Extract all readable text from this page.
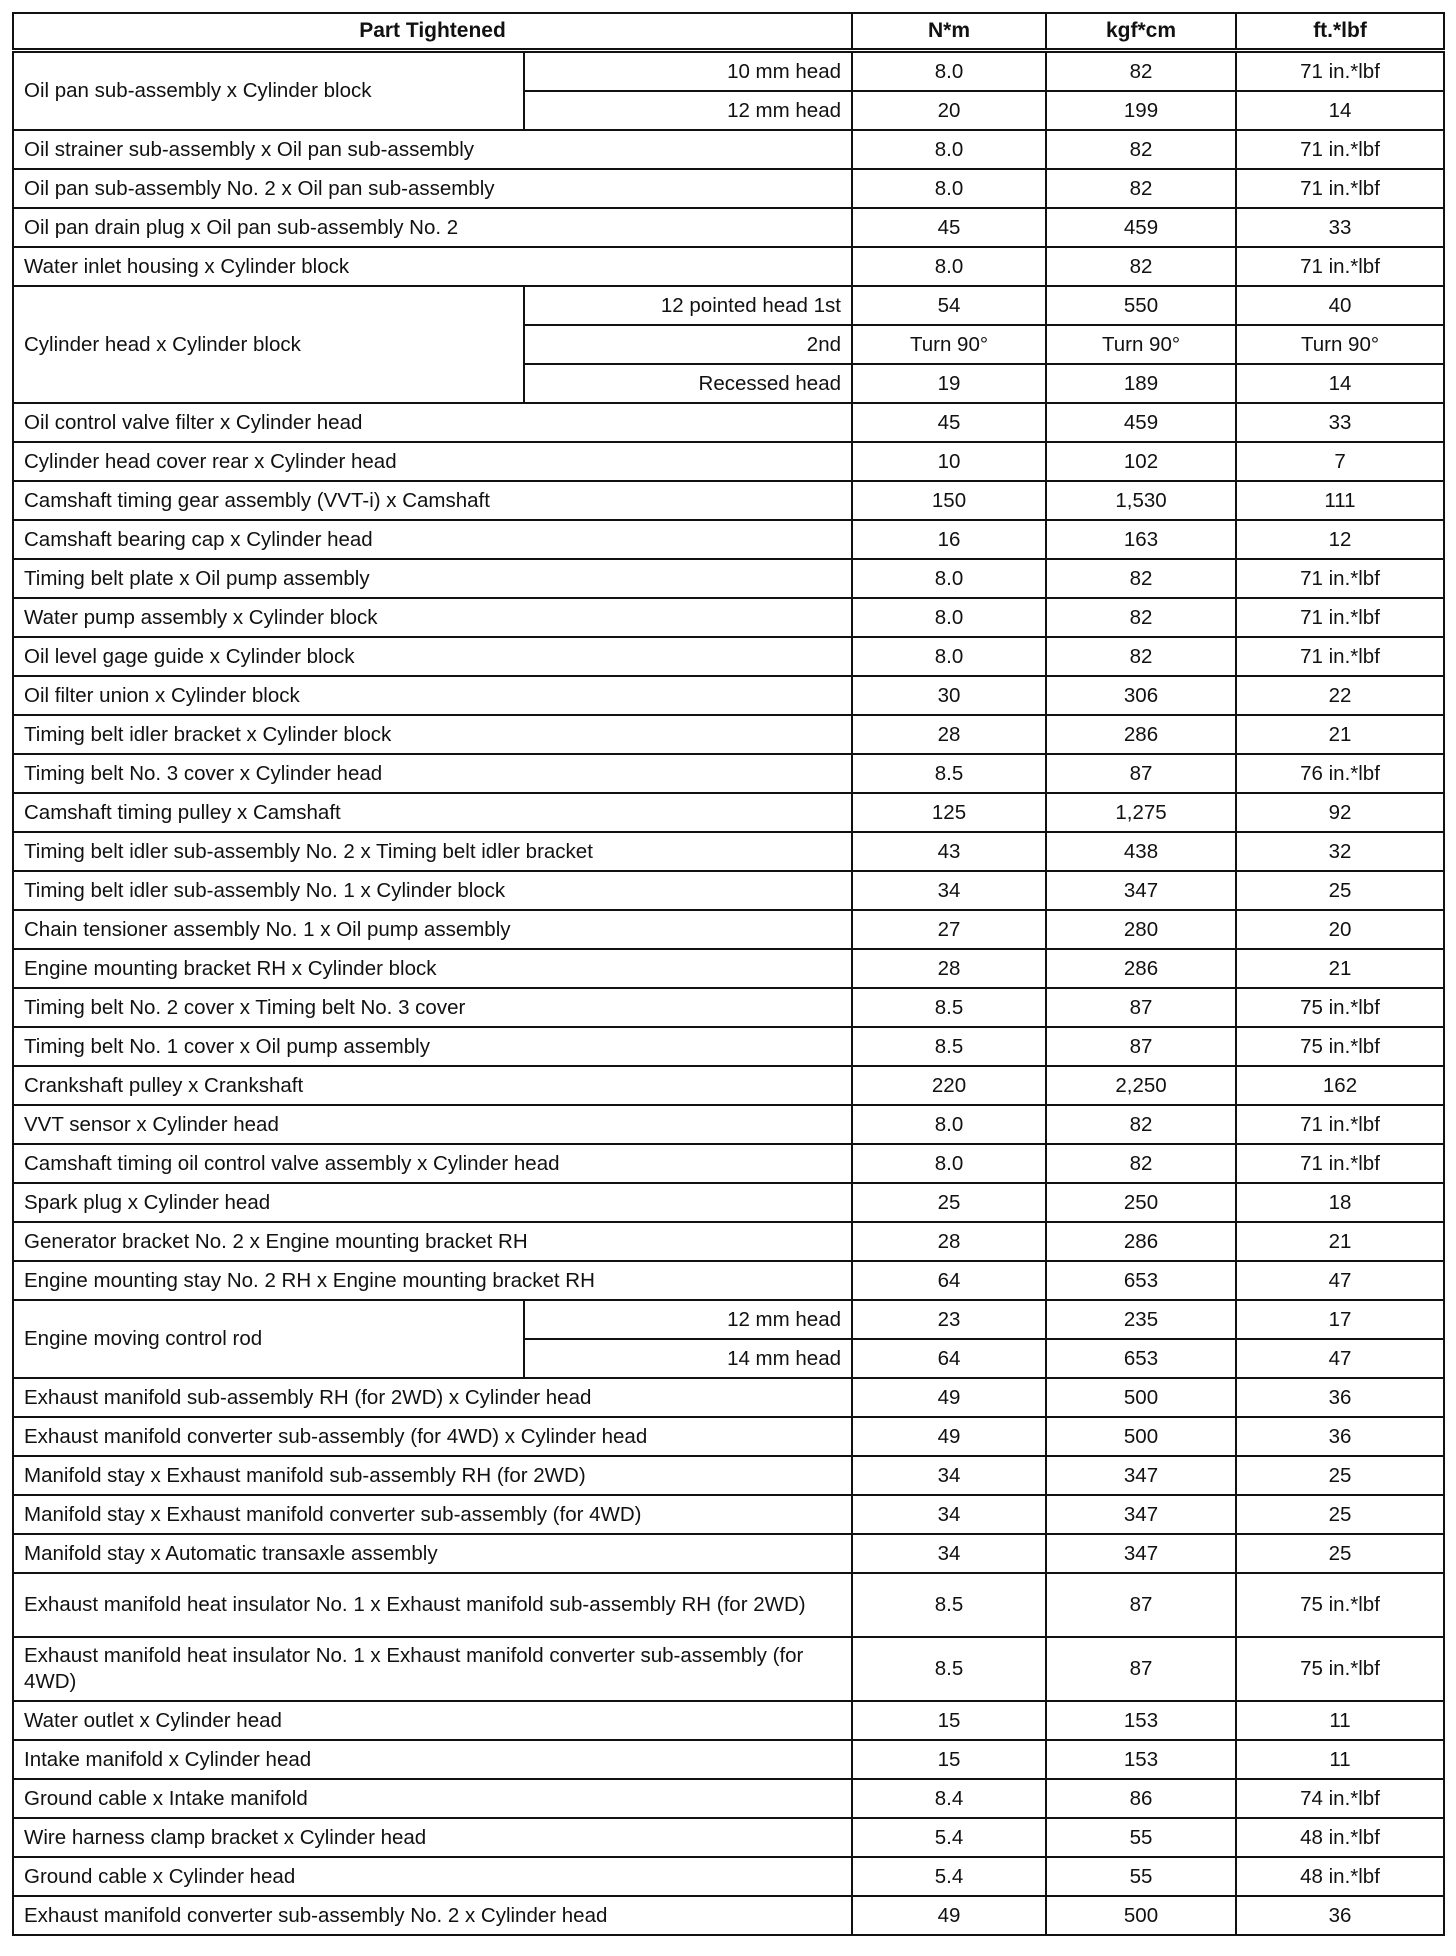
Part Tightened		N*m	kgf*cm	ft.*lbf
Oil pan sub-assembly x Cylinder block	10 mm head	8.0	82	71 in.*lbf
	12 mm head	20	199	14
Oil strainer sub-assembly x Oil pan sub-assembly		8.0	82	71 in.*lbf
Oil pan sub-assembly No. 2 x Oil pan sub-assembly		8.0	82	71 in.*lbf
Oil pan drain plug x Oil pan sub-assembly No. 2		45	459	33
Water inlet housing x Cylinder block		8.0	82	71 in.*lbf
Cylinder head x Cylinder block	12 pointed head 1st	54	550	40
	2nd	Turn 90°	Turn 90°	Turn 90°
	Recessed head	19	189	14
Oil control valve filter x Cylinder head		45	459	33
Cylinder head cover rear x Cylinder head		10	102	7
Camshaft timing gear assembly (VVT-i) x Camshaft		150	1,530	111
Camshaft bearing cap x Cylinder head		16	163	12
Timing belt plate x Oil pump assembly		8.0	82	71 in.*lbf
Water pump assembly x Cylinder block		8.0	82	71 in.*lbf
Oil level gage guide x Cylinder block		8.0	82	71 in.*lbf
Oil filter union x Cylinder block		30	306	22
Timing belt idler bracket x Cylinder block		28	286	21
Timing belt No. 3 cover x Cylinder head		8.5	87	76 in.*lbf
Camshaft timing pulley x Camshaft		125	1,275	92
Timing belt idler sub-assembly No. 2 x Timing belt idler bracket		43	438	32
Timing belt idler sub-assembly No. 1 x Cylinder block		34	347	25
Chain tensioner assembly No. 1 x Oil pump assembly		27	280	20
Engine mounting bracket RH x Cylinder block		28	286	21
Timing belt No. 2 cover x Timing belt No. 3 cover		8.5	87	75 in.*lbf
Timing belt No. 1 cover x Oil pump assembly		8.5	87	75 in.*lbf
Crankshaft pulley x Crankshaft		220	2,250	162
VVT sensor x Cylinder head		8.0	82	71 in.*lbf
Camshaft timing oil control valve assembly x Cylinder head		8.0	82	71 in.*lbf
Spark plug x Cylinder head		25	250	18
Generator bracket No. 2 x Engine mounting bracket RH		28	286	21
Engine mounting stay No. 2 RH x Engine mounting bracket RH		64	653	47
Engine moving control rod	12 mm head	23	235	17
	14 mm head	64	653	47
Exhaust manifold sub-assembly RH (for 2WD) x Cylinder head		49	500	36
Exhaust manifold converter sub-assembly (for 4WD) x Cylinder head		49	500	36
Manifold stay x Exhaust manifold sub-assembly RH (for 2WD)		34	347	25
Manifold stay x Exhaust manifold converter sub-assembly (for 4WD)		34	347	25
Manifold stay x Automatic transaxle assembly		34	347	25
Exhaust manifold heat insulator No. 1 x Exhaust manifold sub-assembly RH (for 2WD)		8.5	87	75 in.*lbf
Exhaust manifold heat insulator No. 1 x Exhaust manifold converter sub-assembly (for 4WD)		8.5	87	75 in.*lbf
Water outlet x Cylinder head		15	153	11
Intake manifold x Cylinder head		15	153	11
Ground cable x Intake manifold		8.4	86	74 in.*lbf
Wire harness clamp bracket x Cylinder head		5.4	55	48 in.*lbf
Ground cable x Cylinder head		5.4	55	48 in.*lbf
Exhaust manifold converter sub-assembly No. 2 x Cylinder head		49	500	36
